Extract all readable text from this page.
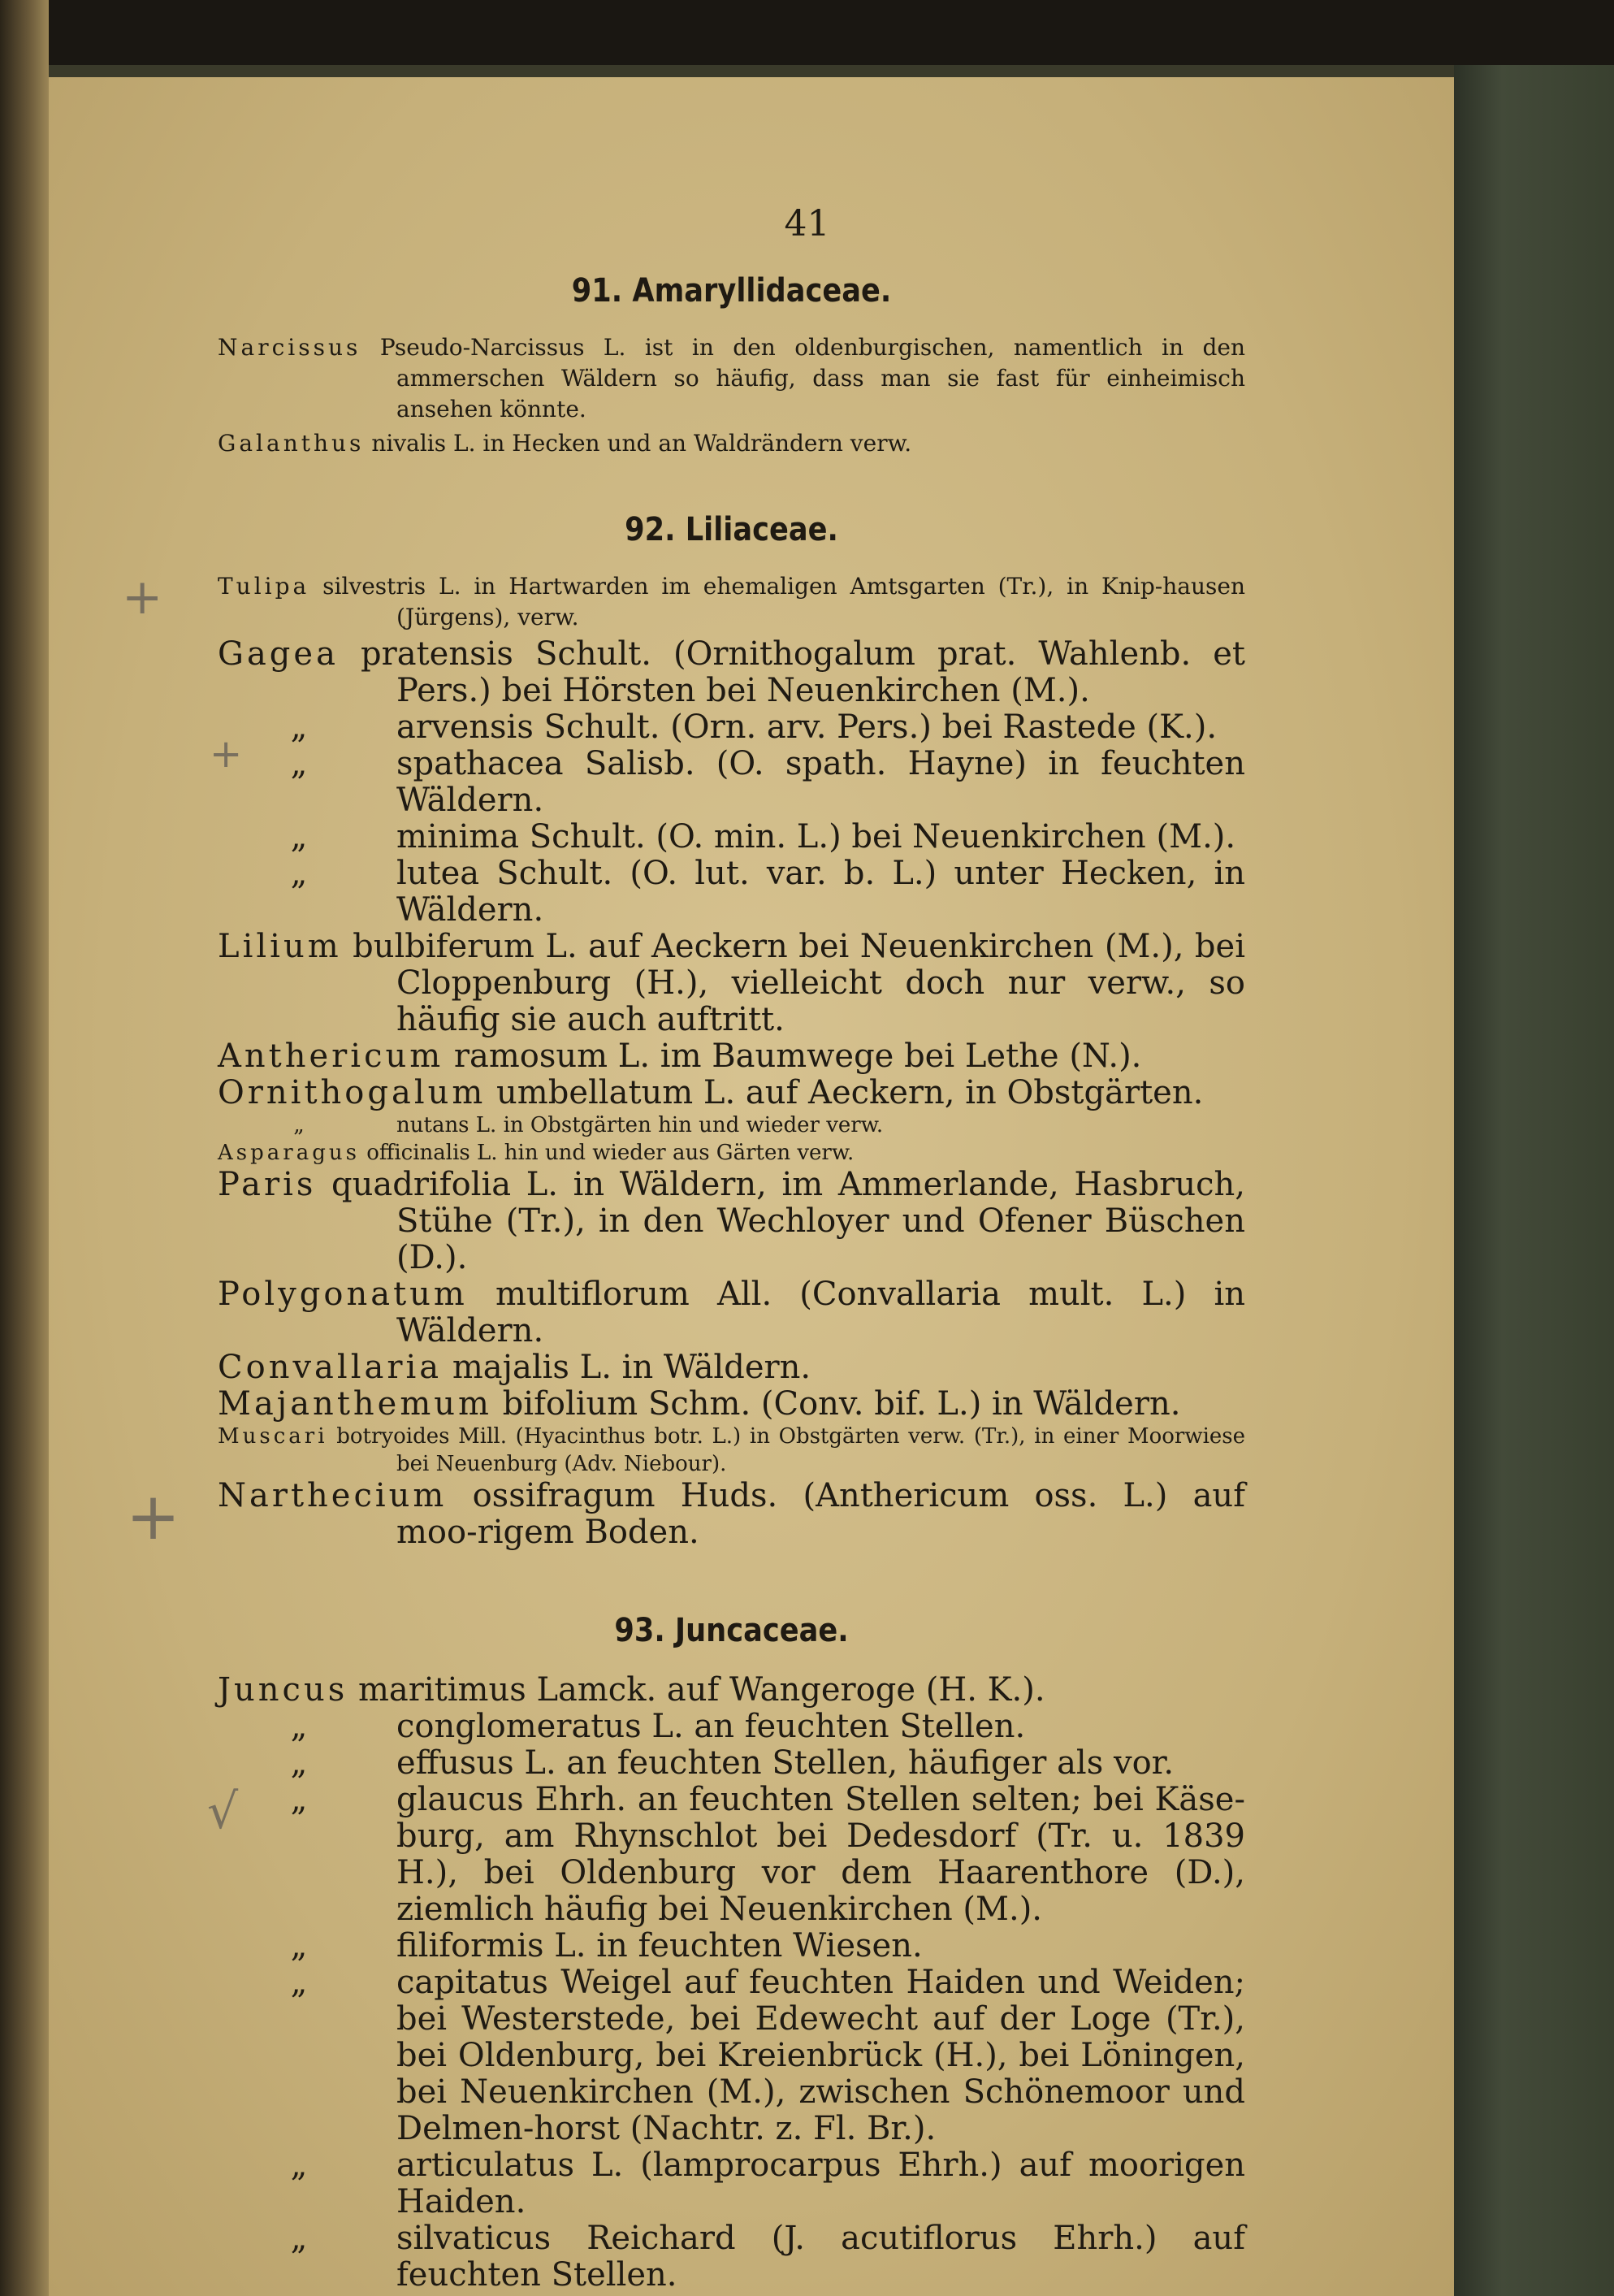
+
+
+
√
41
91. Amaryllidaceae.
Narcissus Pseudo-Narcissus L. ist in den oldenburgischen, namentlich in den ammerschen Wäldern so häufig, dass man sie fast für einheimisch ansehen könnte.
Galanthus nivalis L. in Hecken und an Waldrändern verw.
92. Liliaceae.
Tulipa silvestris L. in Hartwarden im ehemaligen Amtsgarten (Tr.), in Knip-hausen (Jürgens), verw.
Gagea pratensis Schult. (Ornithogalum prat. Wahlenb. et Pers.) bei Hörsten bei Neuenkirchen (M.).
„	arvensis Schult. (Orn. arv. Pers.) bei Rastede (K.).
„	spathacea Salisb. (O. spath. Hayne) in feuchten Wäldern.
„	minima Schult. (O. min. L.) bei Neuenkirchen (M.).
„	lutea Schult. (O. lut. var. b. L.) unter Hecken, in Wäldern.
Lilium bulbiferum L. auf Aeckern bei Neuenkirchen (M.), bei Cloppenburg (H.), vielleicht doch nur verw., so häufig sie auch auftritt.
Anthericum ramosum L. im Baumwege bei Lethe (N.).
Ornithogalum umbellatum L. auf Aeckern, in Obstgärten.
„	nutans L. in Obstgärten hin und wieder verw.
Asparagus officinalis L. hin und wieder aus Gärten verw.
Paris quadrifolia L. in Wäldern, im Ammerlande, Hasbruch, Stühe (Tr.), in den Wechloyer und Ofener Büschen (D.).
Polygonatum multiflorum All. (Convallaria mult. L.) in Wäldern.
Convallaria majalis L. in Wäldern.
Majanthemum bifolium Schm. (Conv. bif. L.) in Wäldern.
Muscari botryoides Mill. (Hyacinthus botr. L.) in Obstgärten verw. (Tr.), in einer Moorwiese bei Neuenburg (Adv. Niebour).
Narthecium ossifragum Huds. (Anthericum oss. L.) auf moo-rigem Boden.
93. Juncaceae.
Juncus maritimus Lamck. auf Wangeroge (H. K.).
„	conglomeratus L. an feuchten Stellen.
„	effusus L. an feuchten Stellen, häufiger als vor.
„	glaucus Ehrh. an feuchten Stellen selten; bei Käse-burg, am Rhynschlot bei Dedesdorf (Tr. u. 1839 H.), bei Oldenburg vor dem Haarenthore (D.), ziemlich häufig bei Neuenkirchen (M.).
„	filiformis L. in feuchten Wiesen.
„	capitatus Weigel auf feuchten Haiden und Weiden; bei Westerstede, bei Edewecht auf der Loge (Tr.), bei Oldenburg, bei Kreienbrück (H.), bei Löningen, bei Neuenkirchen (M.), zwischen Schönemoor und Delmen-horst (Nachtr. z. Fl. Br.).
„	articulatus L. (lamprocarpus Ehrh.) auf moorigen Haiden.
„	silvaticus Reichard (J. acutiflorus Ehrh.) auf feuchten Stellen.
